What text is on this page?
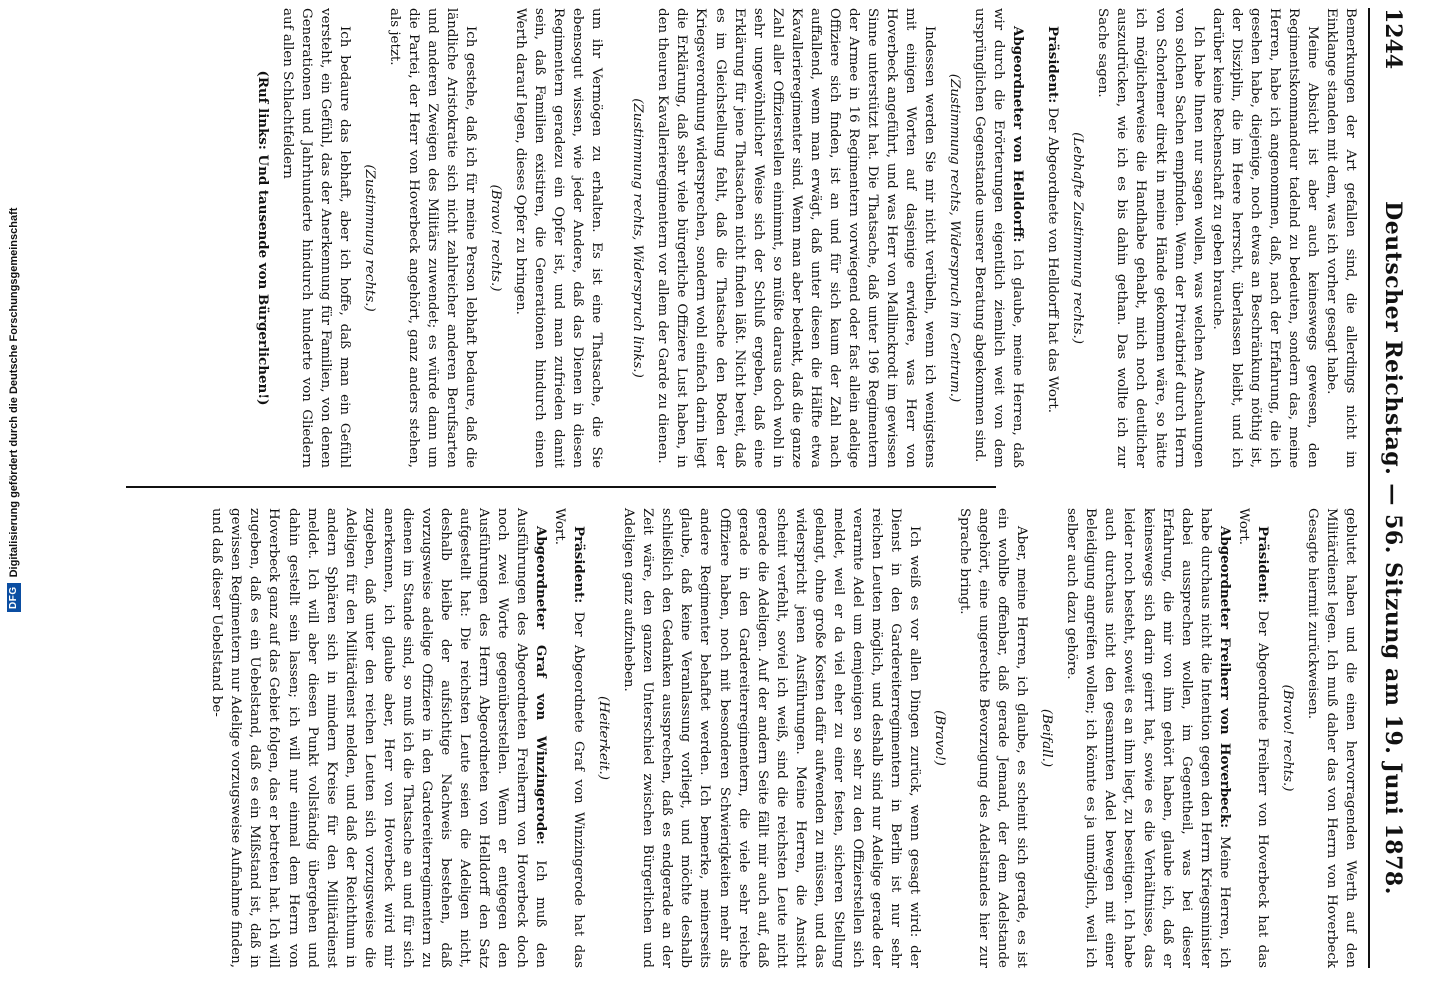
1244
Deutscher Reichstag. — 56. Sitzung am 19. Juni 1878.

Bemerkungen der Art gefallen sind, die allerdings nicht im Einklange standen mit dem, was ich vorher gesagt habe.

Meine Absicht ist aber auch keineswegs gewesen, den Regimentskommandeur tadelnd zu bedeuten, sondern das, meine Herren, habe ich angenommen, daß, nach der Erfahrung, die ich gesehen habe, diejenige, noch etwas an Beschränkung nöthig ist, der Disziplin, die im Heere herrscht, überlassen bleibt, und ich darüber keine Rechenschaft zu geben brauche.

Ich habe Ihnen nur sagen wollen, was welchen Anschauungen von solchen Sachen empfinden. Wenn der Privatbrief durch Herrn von Schorlemer direkt in meine Hände gekommen wäre, so hätte ich möglicherweise die Handhabe gehabt, mich noch deutlicher auszudrücken, wie ich es bis dahin gethan. Das wollte ich zur Sache sagen.

(Lebhafte Zustimmung rechts.)

Präsident: Der Abgeordnete von Helldorff hat das Wort.

Abgeordneter von Helldorff: Ich glaube, meine Herren, daß wir durch die Erörterungen eigentlich ziemlich weit von dem ursprünglichen Gegenstande unserer Beratung abgekommen sind.

(Zustimmung rechts, Widerspruch im Centrum.)

Indessen werden Sie mir nicht verübeln, wenn ich wenigstens mit einigen Worten auf dasjenige erwidere, was Herr von Hoverbeck angeführt, und was Herr von Mallinckrodt im gewissen Sinne unterstützt hat. Die Thatsache, daß unter 196 Regimentern der Armee in 16 Regimentern vorwiegend oder fast allein adelige Offiziere sich finden, ist an und für sich kaum der Zahl nach auffallend, wenn man erwägt, daß unter diesen die Hälfte etwa Kavallerieregimenter sind. Wenn man aber bedenkt, daß die ganze Zahl aller Offizierstellen einnimmt, so müßte daraus doch wohl in sehr ungewöhnlicher Weise sich der Schluß ergeben, daß eine Erklärung für jene Thatsachen nicht finden läßt. Nicht bereit, daß es im Gleichstellung fehlt, daß die Thatsache den Boden der Kriegsverordnung widersprechen, sondern wohl einfach darin liegt die Erklärung, daß sehr viele bürgerliche Offiziere Lust haben, in den theuren Kavallerieregimentern vor allem der Garde zu dienen.

(Zustimmung rechts, Widerspruch links.)

um ihr Vermögen zu erhalten. Es ist eine Thatsache, die Sie ebensogut wissen, wie jeder Andere, daß das Dienen in diesen Regimentern geradezu ein Opfer ist, und man zufrieden damit sein, daß Familien existiren, die Generationen hindurch einen Werth darauf legen, dieses Opfer zu bringen.

(Bravo! rechts.)

Ich gestehe, daß ich für meine Person lebhaft bedaure, daß die ländliche Aristokratie sich nicht zahlreicher anderen Berufsarten und anderen Zweigen des Militärs zuwendet; es würde dann um die Partei, der Herr von Hoverbeck angehört, ganz anders stehen, als jetzt.

(Zustimmung rechts.)

Ich bedaure das lebhaft, aber ich hoffe, daß man ein Gefühl versteht, ein Gefühl, das der Anerkennung für Familien, von denen Generationen und Jahrhunderte hindurch hunderte von Gliedern auf allen Schlachtfeldern

(Ruf links: Und tausende von Bürgerlichen!)

geblutet haben und die einen hervorragenden Werth auf den Militärdienst legen. Ich muß daher das von Herrn von Hoverbeck Gesagte hiermit zurückweisen.

(Bravo! rechts.)

Präsident: Der Abgeordnete Freiherr von Hoverbeck hat das Wort.

Abgeordneter Freiherr von Hoverbeck: Meine Herren, ich habe durchaus nicht die Intention gegen den Herrn Kriegsminister dabei aussprechen wollen, im Gegentheil, was bei dieser Erfahrung, die mir von ihm gehört haben, glaube ich, daß er keineswegs sich darin geirrt hat, sowie es die Verhältnisse, das leider noch besteht, soweit es an ihm liegt, zu beseitigen. Ich habe auch durchaus nicht den gesammten Adel bewegen mit einer Beleidigung angreifen wollen; ich könnte es ja unmöglich, weil ich selber auch dazu gehöre.

(Beifall.)

Aber, meine Herren, ich glaube, es scheint sich gerade, es ist ein wohlbe offenbar, daß gerade Jemand, der dem Adelstande angehört, eine ungerechte Bevorzugung des Adelstandes hier zur Sprache bringt.

(Bravo!)

Ich weiß es vor allen Dingen zurück, wenn gesagt wird: der Dienst in den Gardereiterregimentern in Berlin ist nur sehr reichen Leuten möglich, und deshalb sind nur Adelige gerade der verarmte Adel um demjenigen so sehr zu den Offizierstellen sich meldet, weil er da viel eher zu einer festen, sicheren Stellung gelangt, ohne große Kosten dafür aufwenden zu müssen, und das widerspricht jenen Ausführungen. Meine Herren, die Ansicht scheint verfehlt, soviel ich weiß, sind die reichsten Leute nicht gerade die Adeligen. Auf der andern Seite fällt mir auch auf, daß gerade in den Gardereiterregimentern, die viele sehr reiche Offiziere haben, noch mit besonderen Schwierigkeiten mehr als andere Regimenter behaftet werden. Ich bemerke, meinerseits glaube, daß keine Veranlassung vorliegt, und möchte deshalb schließlich den Gedanken aussprechen, daß es endgerade an der Zeit wäre, den ganzen Unterschied zwischen Bürgerlichen und Adeligen ganz aufzuheben.

(Heiterkeit.)

Präsident: Der Abgeordnete Graf von Winzingerode hat das Wort.

Abgeordneter Graf von Winzingerode: Ich muß den Ausführungen des Abgeordneten Freiherrn von Hoverbeck doch noch zwei Worte gegenüberstellen. Wenn er entgegen den Ausführungen des Herrn Abgeordneten von Helldorff den Satz aufgestellt hat: Die reichsten Leute seien die Adeligen nicht, deshalb bleibe der aufsichtige Nachweis bestehen, daß vorzugsweise adelige Offiziere in den Gardereiterregimentern zu dienen im Stande sind, so muß ich die Thatsache an und für sich anerkennen, ich glaube aber, Herr von Hoverbeck wird mir zugeben, daß unter den reichen Leuten sich vorzugsweise die Adeligen für den Militärdienst melden, und daß der Reichthum in andern Sphären sich in mindern Kreise für den Militärdienst meldet. Ich will aber diesen Punkt vollständig übergehen und dahin gestellt sein lassen; ich will nur einmal dem Herrn von Hoverbeck ganz auf das Gebiet folgen, das er betreten hat. Ich will zugeben, daß es ein Uebelstand, daß es ein Mißstand ist, daß in gewissen Regimentern nur Adelige vorzugsweise Aufnahme finden, und daß dieser Uebelstand be-

DFG
Digitalisierung gefördert durch die Deutsche Forschungsgemeinschaft
